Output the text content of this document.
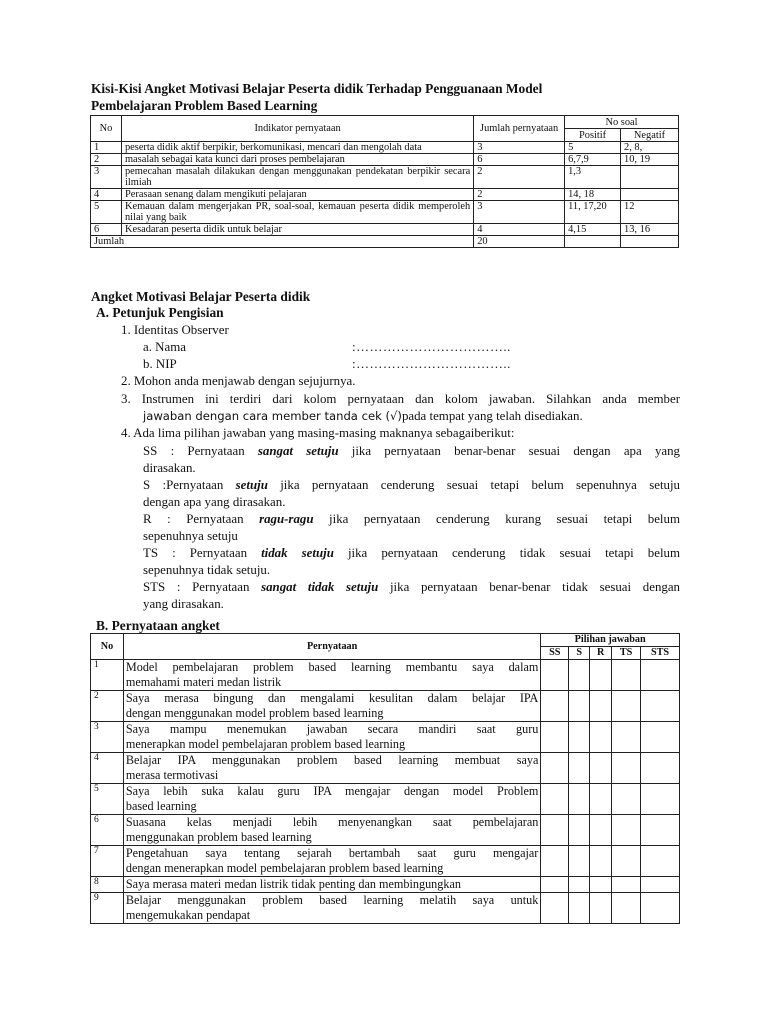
Kisi-Kisi Angket Motivasi Belajar Peserta didik Terhadap Pengguanaan Model
Pembelajaran Problem Based Learning
No	Indikator pernyataan	Jumlah pernyataan	No soal	
			Positif	Negatif
1	peserta didik aktif berpikir, berkomunikasi, mencari dan mengolah data	3	5	2, 8,
2	masalah sebagai kata kunci dari proses pembelajaran	6	6,7,9	10, 19
3	pemecahan masalah dilakukan dengan menggunakan pendekatan berpikir secara ilmiah	2	1,3	
4	Perasaan senang dalam mengikuti pelajaran	2	14, 18	
5	Kemauan dalam mengerjakan PR, soal-soal, kemauan peserta didik memperoleh nilai yang baik	3	11, 17,20	12
6	Kesadaran peserta didik untuk belajar	4	4,15	13, 16
Jumlah		20		
Angket Motivasi Belajar Peserta didik
A. Petunjuk Pengisian
1. Identitas Observer
a. Nama	:……………………………..
b. NIP	:……………………………..
2. Mohon anda menjawab dengan sejujurnya.
3. Instrumen ini terdiri dari kolom pernyataan dan kolom jawaban. Silahkan anda member
jawaban dengan cara member tanda cek (√)pada tempat yang telah disediakan.
4. Ada lima pilihan jawaban yang masing-masing maknanya sebagaiberikut:
SS : Pernyataan sangat setuju jika pernyataan benar-benar sesuai dengan apa yang
dirasakan.
S :Pernyataan setuju jika pernyataan cenderung sesuai tetapi belum sepenuhnya setuju
dengan apa yang dirasakan.
R : Pernyataan ragu-ragu jika pernyataan cenderung kurang sesuai tetapi belum
sepenuhnya setuju
TS : Pernyataan tidak setuju jika pernyataan cenderung tidak sesuai tetapi belum
sepenuhnya tidak setuju.
STS : Pernyataan sangat tidak setuju jika pernyataan benar-benar tidak sesuai dengan
yang dirasakan.
B. Pernyataan angket
No	Pernyataan	Pilihan jawaban				
		SS	S	R	TS	STS
1	Model pembelajaran problem based learning membantu saya dalam
memahami materi medan listrik					

2	Saya merasa bingung dan mengalami kesulitan dalam belajar IPA
dengan menggunakan model problem based learning					

3	Saya mampu menemukan jawaban secara mandiri saat guru
menerapkan model pembelajaran problem based learning					

4	Belajar IPA menggunakan problem based learning membuat saya
merasa termotivasi					

5	Saya lebih suka kalau guru IPA mengajar dengan model Problem
based learning					

6	Suasana kelas menjadi lebih menyenangkan saat pembelajaran
menggunakan problem based learning					

7	Pengetahuan saya tentang sejarah bertambah saat guru mengajar
dengan menerapkan model pembelajaran problem based learning					

8	Saya merasa materi medan listrik tidak penting dan membingungkan					

9	Belajar menggunakan problem based learning melatih saya untuk
mengemukakan pendapat					
